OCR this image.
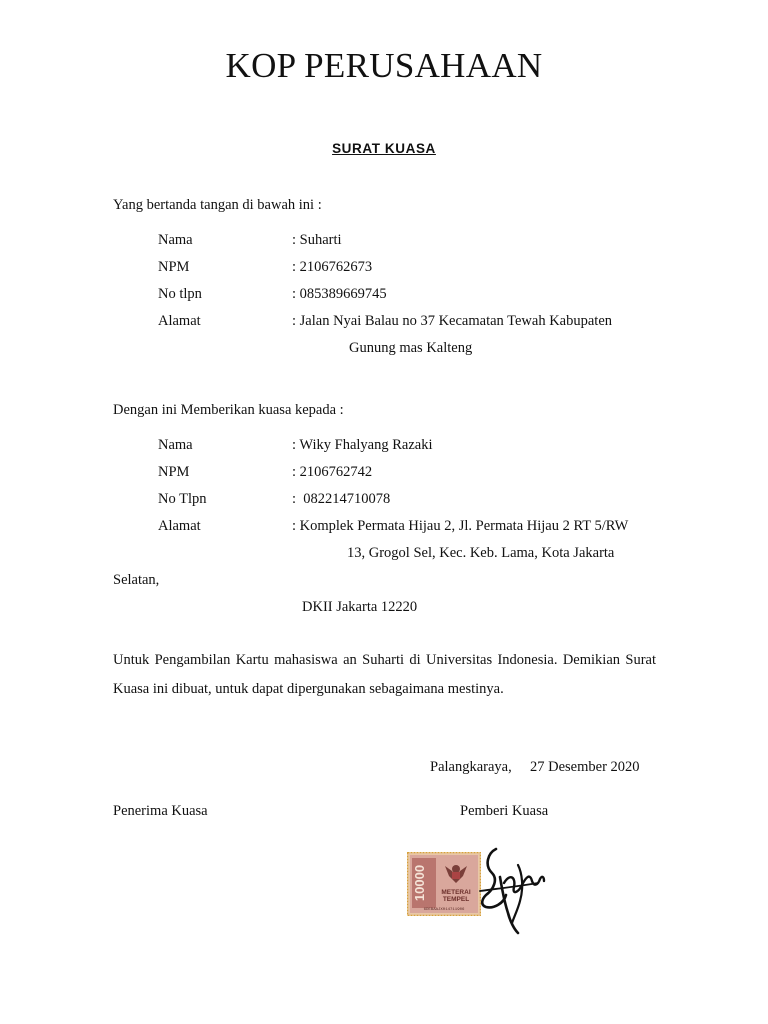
KOP PERUSAHAAN
SURAT KUASA
Yang bertanda tangan di bawah ini :
Nama	: Suharti
NPM	: 2106762673
No tlpn	: 085389669745
Alamat	: Jalan Nyai Balau no 37 Kecamatan Tewah Kabupaten
Gunung mas Kalteng
Dengan ini Memberikan kuasa kepada :
Nama	: Wiky Fhalyang Razaki
NPM	: 2106762742
No Tlpn	:  082214710078
Alamat	: Komplek Permata Hijau 2, Jl. Permata Hijau 2 RT 5/RW
13, Grogol Sel, Kec. Keb. Lama, Kota Jakarta
Selatan,
DKII Jakarta 12220
Untuk Pengambilan Kartu mahasiswa an Suharti di Universitas Indonesia. Demikian Surat Kuasa ini dibuat, untuk dapat dipergunakan sebagaimana mestinya.
Palangkaraya, 27 Desember 2020
Penerima Kuasa	Pemberi Kuasa
10000 METERAI
TEMPEL
6DEBAAJX014711906
